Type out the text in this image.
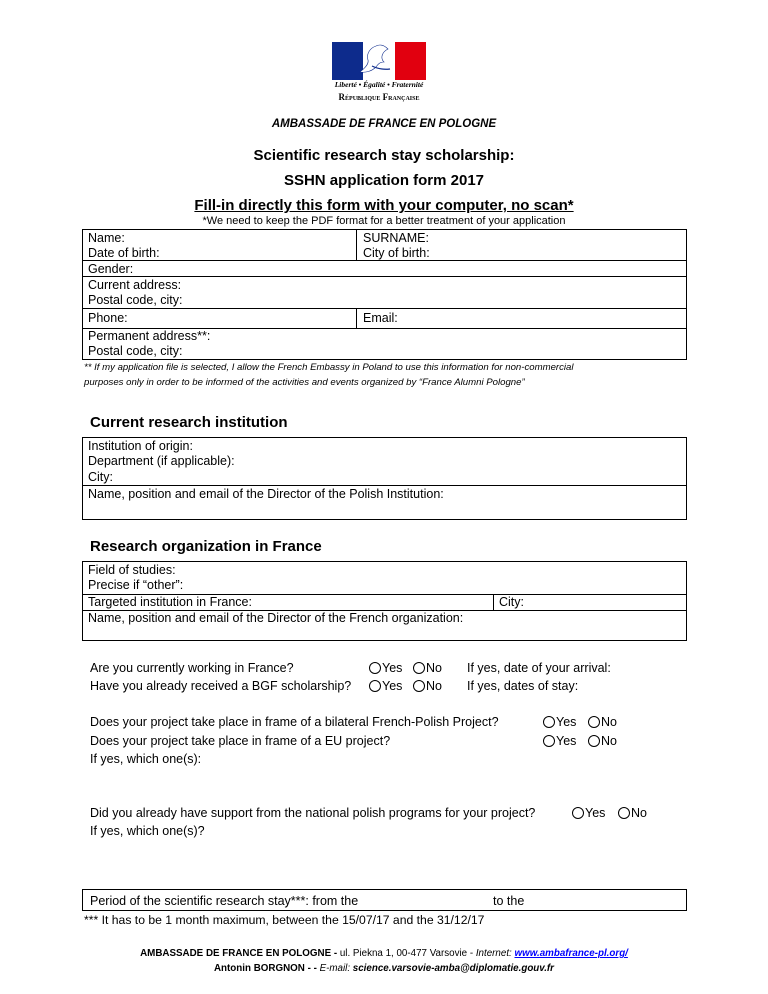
Liberté • Égalité • Fraternité
République Française
AMBASSADE DE FRANCE EN POLOGNE
Scientific research stay scholarship:
SSHN application form 2017
Fill-in directly this form with your computer, no scan*
*We need to keep the PDF format for a better treatment of your application
Name:	SURNAME:
Date of birth:	City of birth:
Gender:
Current address:
Postal code, city:
Phone:	Email:
Permanent address**:
Postal code, city:
** If my application file is selected, I allow the French Embassy in Poland to use this information for non-commercial
purposes only in order to be informed of the activities and events organized by “France Alumni Pologne”
Current research institution
Institution of origin:
Department (if applicable):
City:
Name, position and email of the Director of the Polish Institution:
Research organization in France
Field of studies:
Precise if “other”:
Targeted institution in France:	City:
Name, position and email of the Director of the French organization:
Are you currently working in France?	Yes	No If yes, date of your arrival:
Have you already received a BGF scholarship?	Yes	No If yes, dates of stay:
Does your project take place in frame of a bilateral French-Polish Project?	Yes	No
Does your project take place in frame of a EU project?	Yes	No
If yes, which one(s):
Did you already have support from the national polish programs for your project?	Yes	No
If yes, which one(s)?
Period of the scientific research stay***: from the	to the
*** It has to be 1 month maximum, between the 15/07/17 and the 31/12/17
AMBASSADE DE FRANCE EN POLOGNE - ul. Piekna 1, 00-477 Varsovie - Internet: www.ambafrance-pl.org/
Antonin BORGNON - - E-mail: science.varsovie-amba@diplomatie.gouv.fr
